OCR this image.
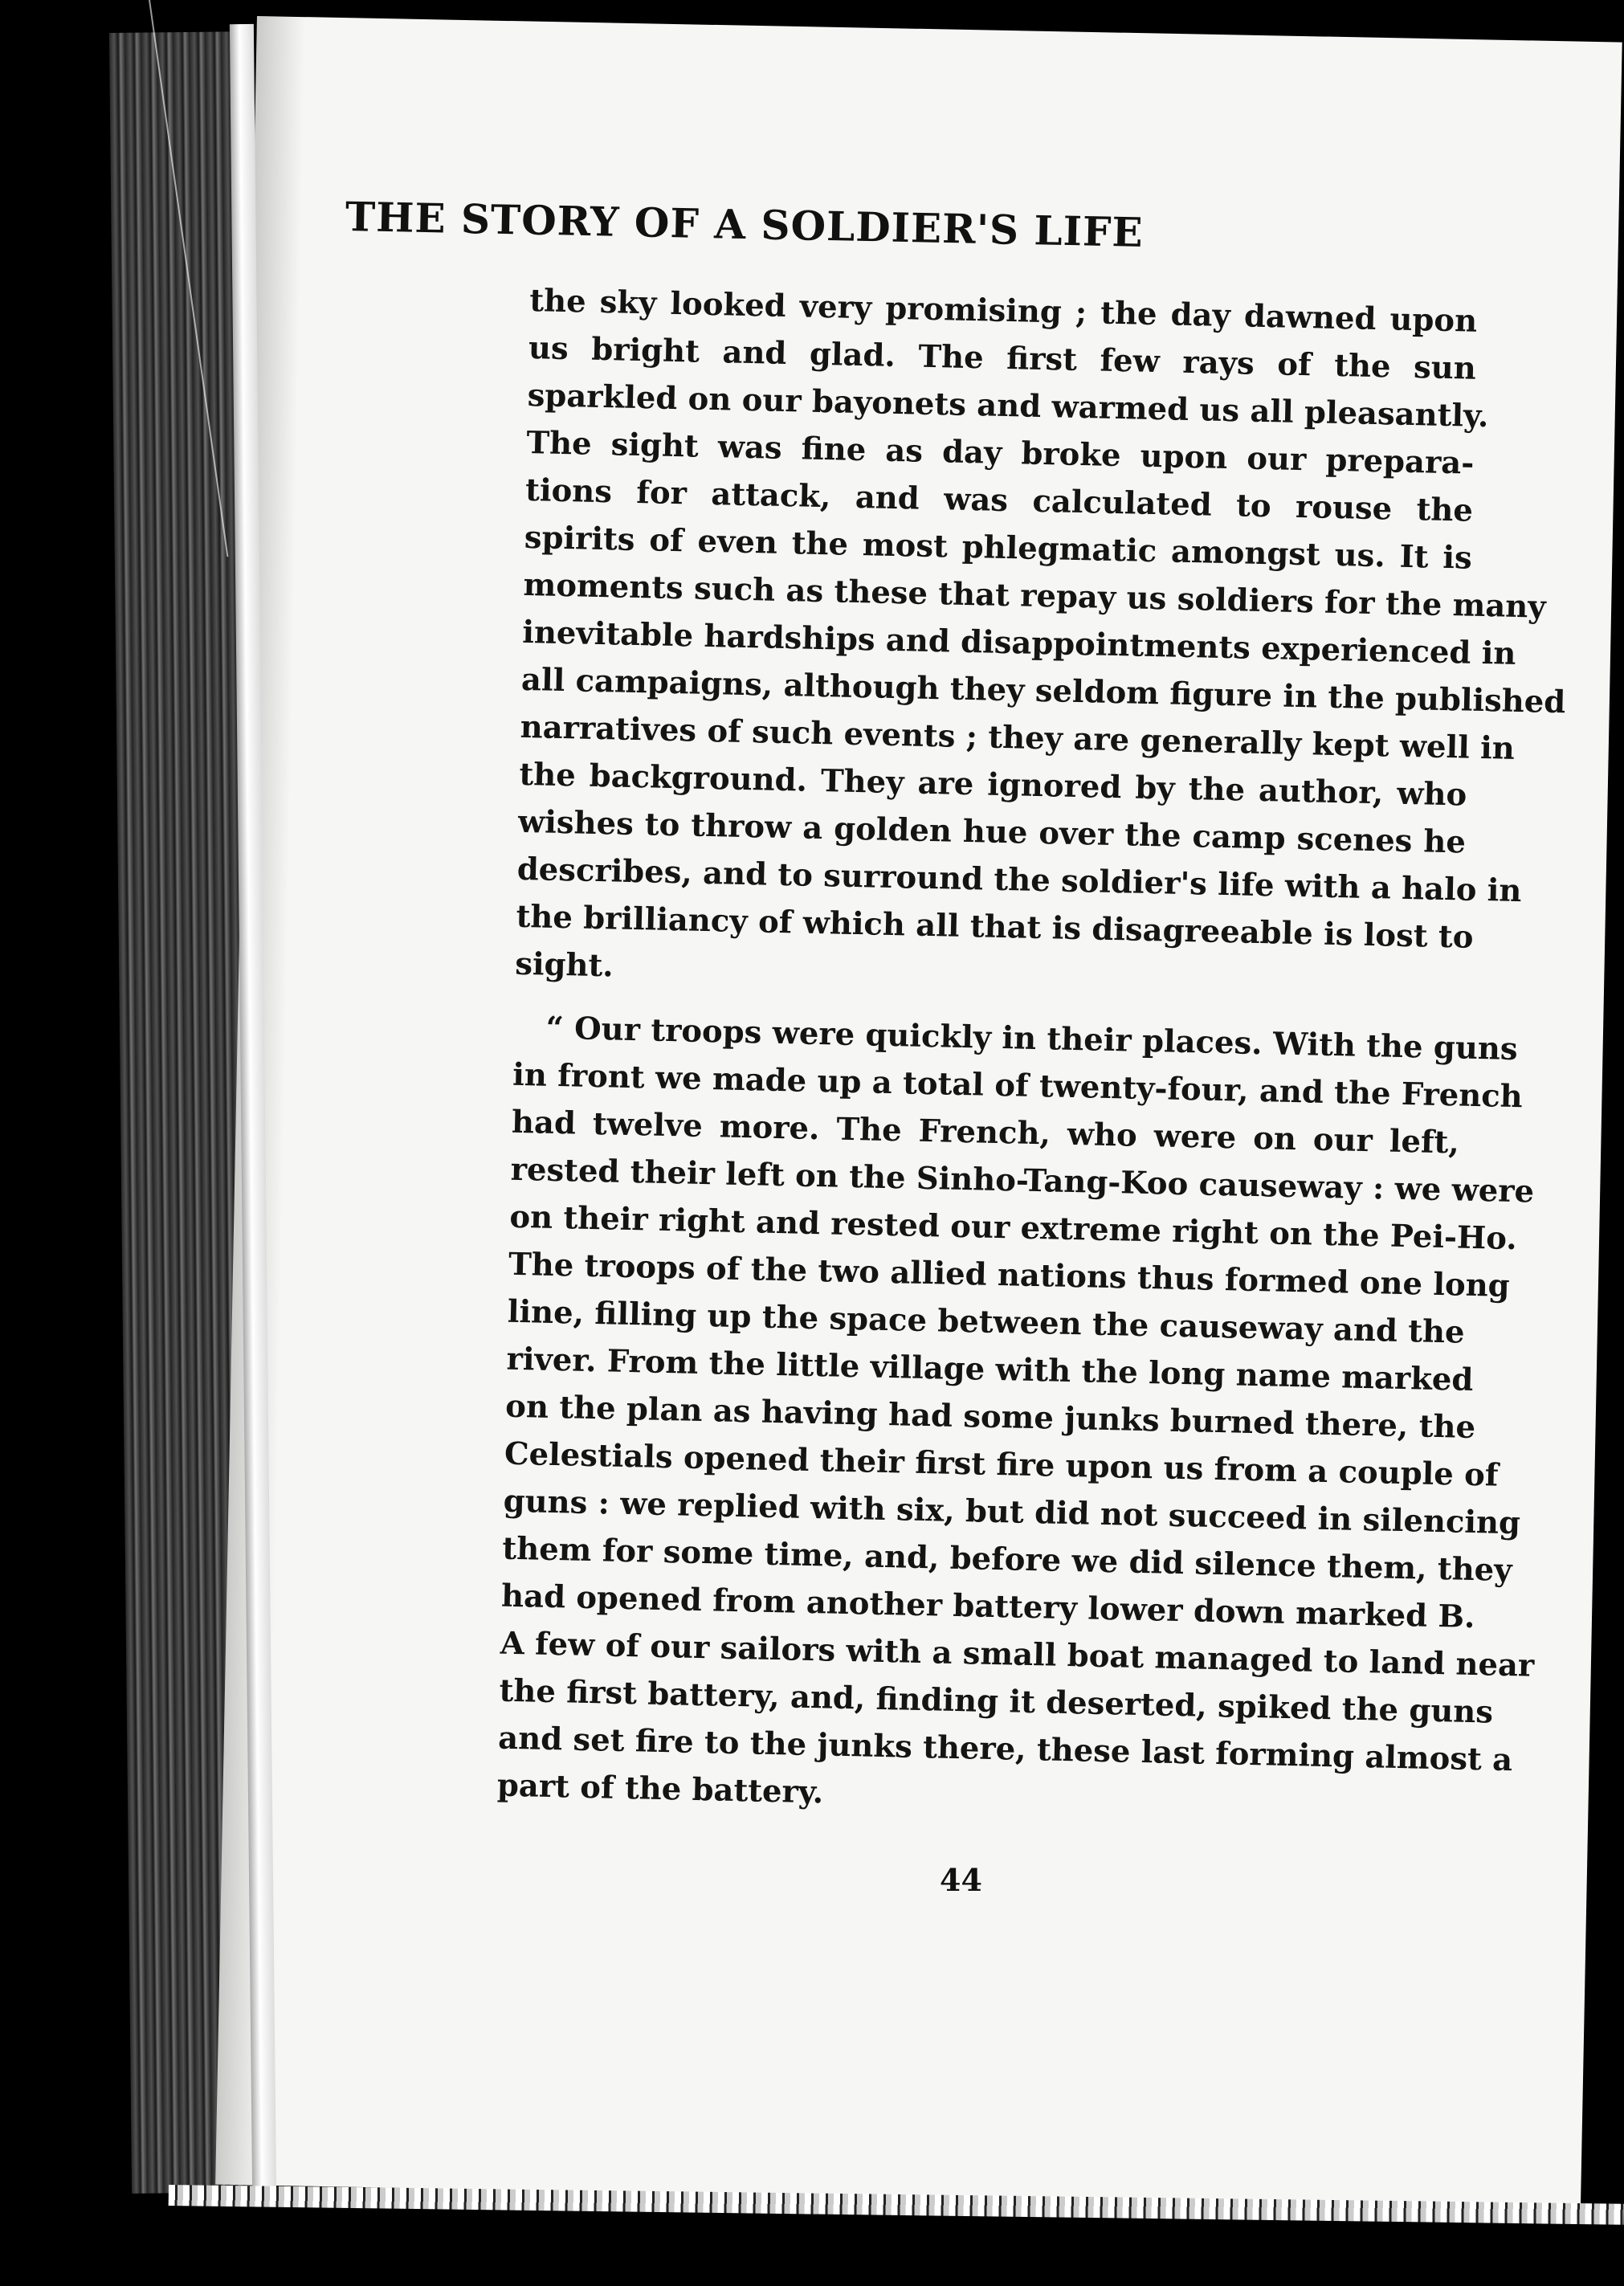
THE STORY OF A SOLDIER'S LIFE
the sky looked very promising ; the day dawned upon
us bright and glad. The first few rays of the sun
sparkled on our bayonets and warmed us all pleasantly.
The sight was fine as day broke upon our prepara-
tions for attack, and was calculated to rouse the
spirits of even the most phlegmatic amongst us. It is
moments such as these that repay us soldiers for the many
inevitable hardships and disappointments experienced in
all campaigns, although they seldom figure in the published
narratives of such events ; they are generally kept well in
the background. They are ignored by the author, who
wishes to throw a golden hue over the camp scenes he
describes, and to surround the soldier's life with a halo in
the brilliancy of which all that is disagreeable is lost to
sight.
“ Our troops were quickly in their places. With the guns
in front we made up a total of twenty-four, and the French
had twelve more. The French, who were on our left,
rested their left on the Sinho-Tang-Koo causeway : we were
on their right and rested our extreme right on the Pei-Ho.
The troops of the two allied nations thus formed one long
line, filling up the space between the causeway and the
river. From the little village with the long name marked
on the plan as having had some junks burned there, the
Celestials opened their first fire upon us from a couple of
guns : we replied with six, but did not succeed in silencing
them for some time, and, before we did silence them, they
had opened from another battery lower down marked B.
A few of our sailors with a small boat managed to land near
the first battery, and, finding it deserted, spiked the guns
and set fire to the junks there, these last forming almost a
part of the battery.
44
